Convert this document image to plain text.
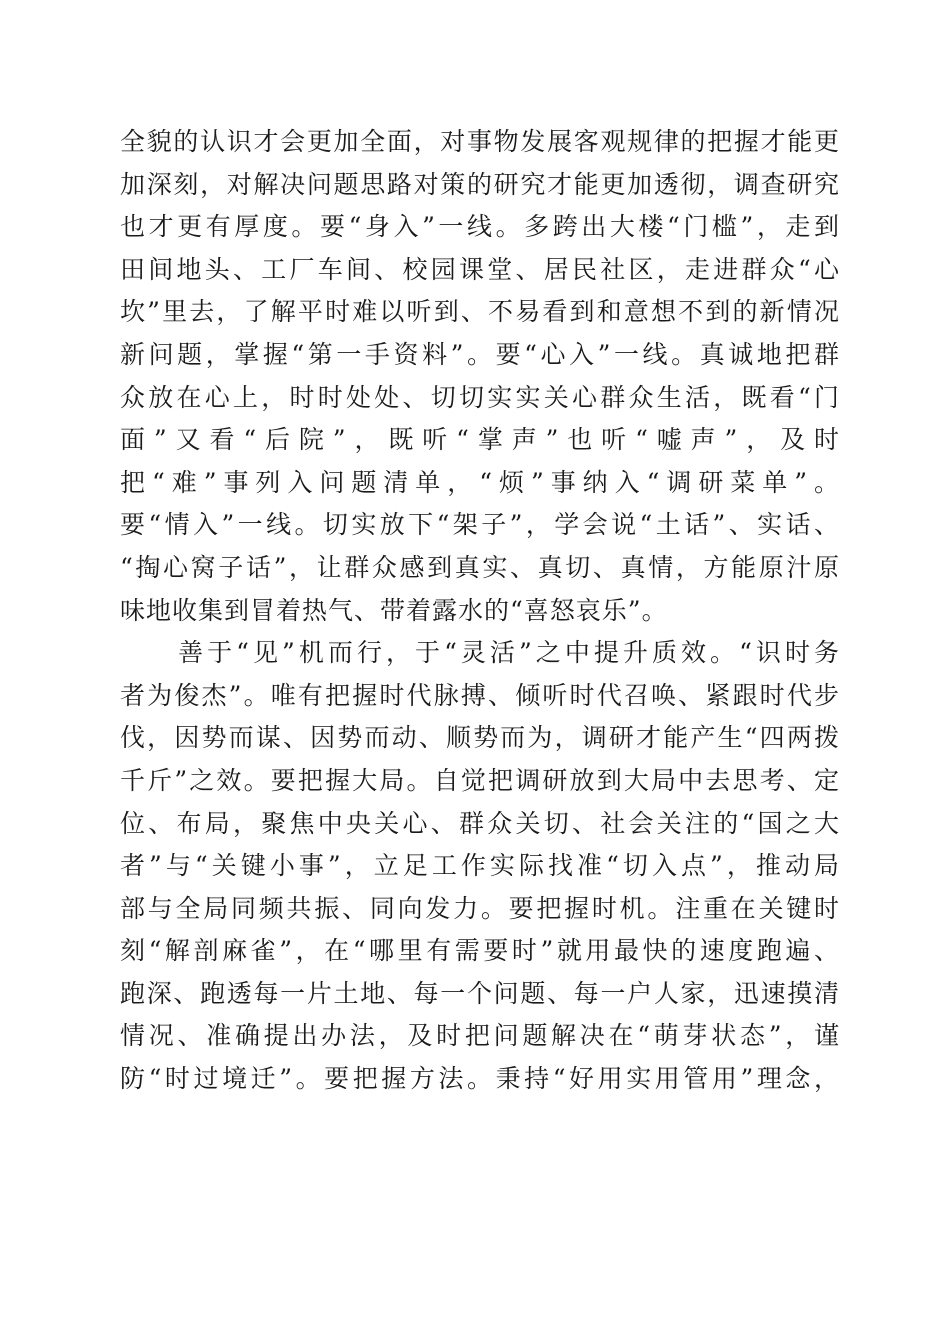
全貌的认识才会更加全面，对事物发展客观规律的把握才能更
加深刻，对解决问题思路对策的研究才能更加透彻，调查研究
也才更有厚度。要“身入”一线。多跨出大楼“门槛”，走到
田间地头、工厂车间、校园课堂、居民社区，走进群众“心
坎”里去，了解平时难以听到、不易看到和意想不到的新情况
新问题，掌握“第一手资料”。要“心入”一线。真诚地把群
众放在心上，时时处处、切切实实关心群众生活，既看“门
面”又看“后院”，既听“掌声”也听“嘘声”，及时
把“难”事列入问题清单，“烦”事纳入“调研菜单”。
要“情入”一线。切实放下“架子”，学会说“土话”、实话、
“掏心窝子话”，让群众感到真实、真切、真情，方能原汁原
味地收集到冒着热气、带着露水的“喜怒哀乐”。
　　善于“见”机而行，于“灵活”之中提升质效。“识时务
者为俊杰”。唯有把握时代脉搏、倾听时代召唤、紧跟时代步
伐，因势而谋、因势而动、顺势而为，调研才能产生“四两拨
千斤”之效。要把握大局。自觉把调研放到大局中去思考、定
位、布局，聚焦中央关心、群众关切、社会关注的“国之大
者”与“关键小事”，立足工作实际找准“切入点”，推动局
部与全局同频共振、同向发力。要把握时机。注重在关键时
刻“解剖麻雀”，在“哪里有需要时”就用最快的速度跑遍、
跑深、跑透每一片土地、每一个问题、每一户人家，迅速摸清
情况、准确提出办法，及时把问题解决在“萌芽状态”，谨
防“时过境迁”。要把握方法。秉持“好用实用管用”理念，
